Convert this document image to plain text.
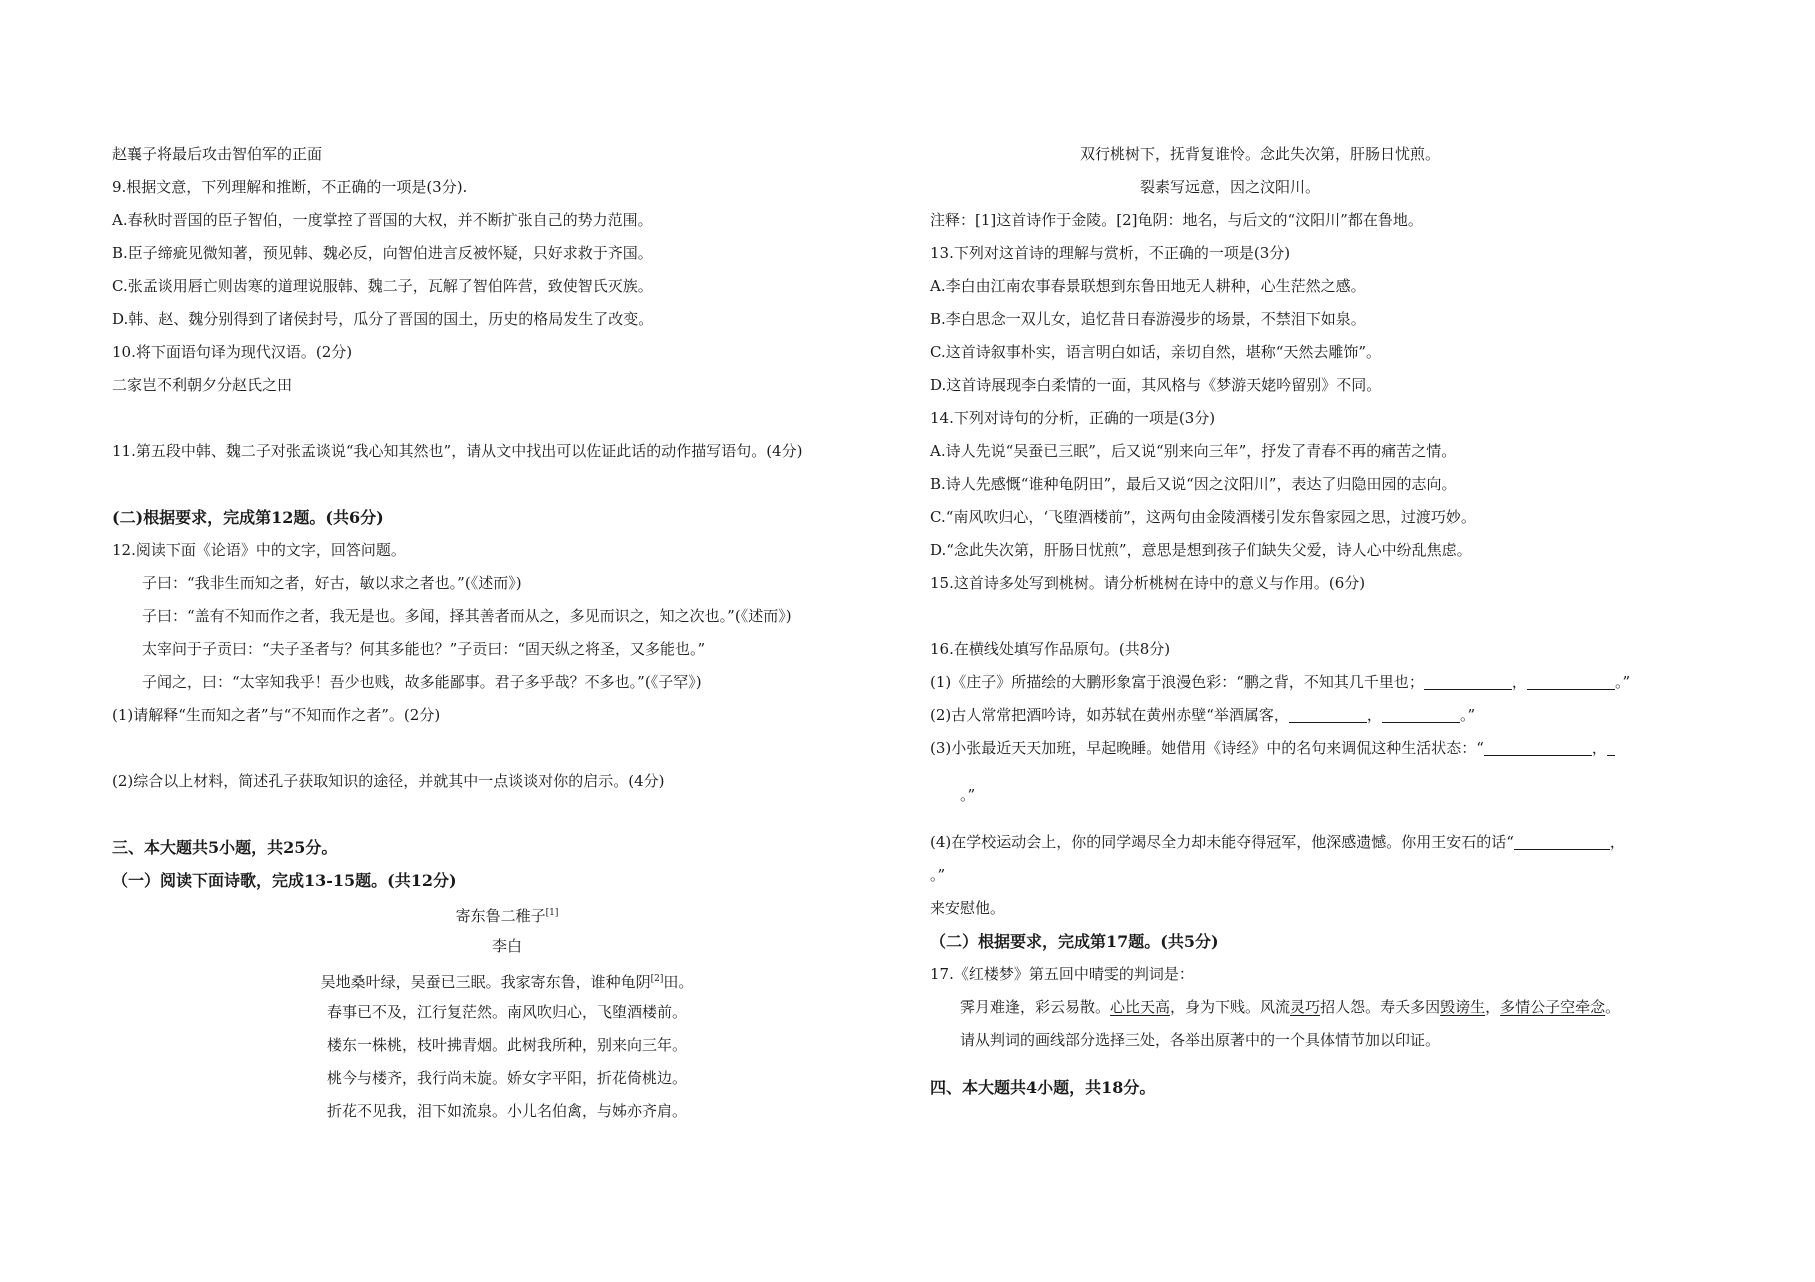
赵襄子将最后攻击智伯军的正面
9.根据文意，下列理解和推断，不正确的一项是(3分).
A.春秋时晋国的臣子智伯，一度掌控了晋国的大权，并不断扩张自己的势力范围。
B.臣子缔疵见微知著，预见韩、魏必反，向智伯进言反被怀疑，只好求救于齐国。
C.张孟谈用唇亡则齿寒的道理说服韩、魏二子，瓦解了智伯阵营，致使智氏灭族。
D.韩、赵、魏分别得到了诸侯封号，瓜分了晋国的国土，历史的格局发生了改变。
10.将下面语句译为现代汉语。(2分)
二家岂不利朝夕分赵氏之田
11.第五段中韩、魏二子对张孟谈说“我心知其然也”，请从文中找出可以佐证此话的动作描写语句。(4分)
(二)根据要求，完成第12题。(共6分)
12.阅读下面《论语》中的文字，回答问题。
子曰：“我非生而知之者，好古，敏以求之者也。”(《述而》)
子曰：“盖有不知而作之者，我无是也。多闻，择其善者而从之，多见而识之，知之次也。”(《述而》)
太宰问于子贡曰：“夫子圣者与？何其多能也？”子贡曰：“固天纵之将圣，又多能也。”
子闻之，曰：“太宰知我乎！吾少也贱，故多能鄙事。君子多乎哉？不多也。”(《子罕》)
(1)请解释“生而知之者”与“不知而作之者”。(2分)
(2)综合以上材料，简述孔子获取知识的途径，并就其中一点谈谈对你的启示。(4分)
三、本大题共5小题，共25分。
（一）阅读下面诗歌，完成13-15题。(共12分)
寄东鲁二稚子[1]
李白
吴地桑叶绿，吴蚕已三眠。我家寄东鲁，谁种龟阴[2]田。
春事已不及，江行复茫然。南风吹归心，飞堕酒楼前。
楼东一株桃，枝叶拂青烟。此树我所种，别来向三年。
桃今与楼齐，我行尚未旋。娇女字平阳，折花倚桃边。
折花不见我，泪下如流泉。小儿名伯禽，与姊亦齐肩。
双行桃树下，抚背复谁怜。念此失次第，肝肠日忧煎。
裂素写远意，因之汶阳川。
注释：[1]这首诗作于金陵。[2]龟阴：地名，与后文的“汶阳川”都在鲁地。
13.下列对这首诗的理解与赏析，不正确的一项是(3分)
A.李白由江南农事春景联想到东鲁田地无人耕种，心生茫然之感。
B.李白思念一双儿女，追忆昔日春游漫步的场景，不禁泪下如泉。
C.这首诗叙事朴实，语言明白如话，亲切自然，堪称“天然去雕饰”。
D.这首诗展现李白柔情的一面，其风格与《梦游天姥吟留别》不同。
14.下列对诗句的分析，正确的一项是(3分)
A.诗人先说“吴蚕已三眠”，后又说“别来向三年”，抒发了青春不再的痛苦之情。
B.诗人先感慨“谁种龟阴田”，最后又说“因之汶阳川”，表达了归隐田园的志向。
C.“南风吹归心，‘飞堕酒楼前”，这两句由金陵酒楼引发东鲁家园之思，过渡巧妙。
D.“念此失次第，肝肠日忧煎”，意思是想到孩子们缺失父爱，诗人心中纷乱焦虑。
15.这首诗多处写到桃树。请分析桃树在诗中的意义与作用。(6分)
16.在横线处填写作品原句。(共8分)
(1)《庄子》所描绘的大鹏形象富于浪漫色彩：“鹏之背，不知其几千里也；	，	。”
(2)古人常常把酒吟诗，如苏轼在黄州赤壁“举酒属客，	，	。”
(3)小张最近天天加班，早起晚睡。她借用《诗经》中的名句来调侃这种生活状态：“	，
。”
(4)在学校运动会上，你的同学竭尽全力却未能夺得冠军，他深感遗憾。你用王安石的话“	，
。”
来安慰他。
（二）根据要求，完成第17题。(共5分)
17.《红楼梦》第五回中晴雯的判词是：
霁月难逢，彩云易散。心比天高，身为下贱。风流灵巧招人怨。寿夭多因毁谤生，多情公子空牵念。
请从判词的画线部分选择三处，各举出原著中的一个具体情节加以印证。
四、本大题共4小题，共18分。
